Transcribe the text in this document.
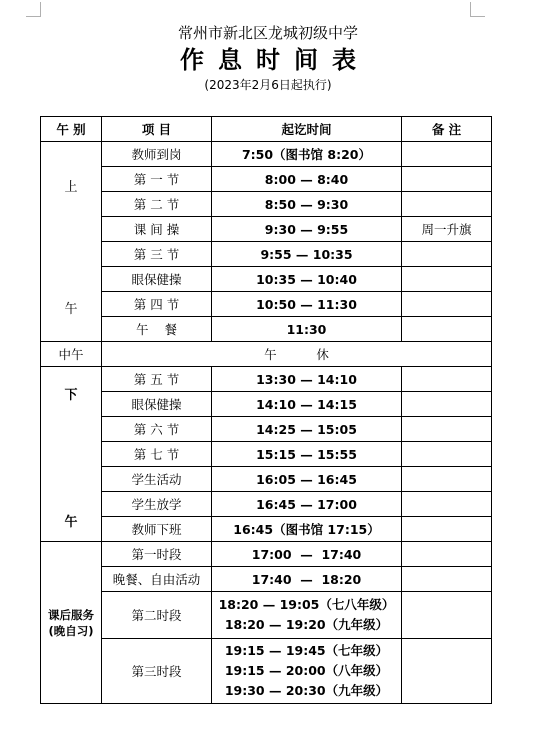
常州市新北区龙城初级中学
作息时间表
(2023年2月6日起执行)
午 别	项 目	起讫时间	备 注

上
午	教师到岗	7:50（图书馆 8:20）	
	第 一 节	8:00 — 8:40	
	第 二 节	8:50 — 9:30	
	课 间 操	9:30 — 9:55	周一升旗
	第 三 节	9:55 — 10:35	
	眼保健操	10:35 — 10:40	
	第 四 节	10:50 — 11:30	
	午    餐	11:30	
中午	午          休		

下
午	第 五 节	13:30 — 14:10	
	眼保健操	14:10 — 14:15	
	第 六 节	14:25 — 15:05	
	第 七 节	15:15 — 15:55	
	学生活动	16:05 — 16:45	
	学生放学	16:45 — 17:00	
	教师下班	16:45（图书馆 17:15）	

课后服务
(晚自习)	第一时段	17:00  —  17:40	
	晚餐、自由活动	17:40  —  18:20	
	第二时段	18:20 — 19:05（七八年级）
18:20 — 19:20（九年级）	

	第三时段	19:15 — 19:45（七年级）
19:15 — 20:00（八年级）
19:30 — 20:30（九年级）	
